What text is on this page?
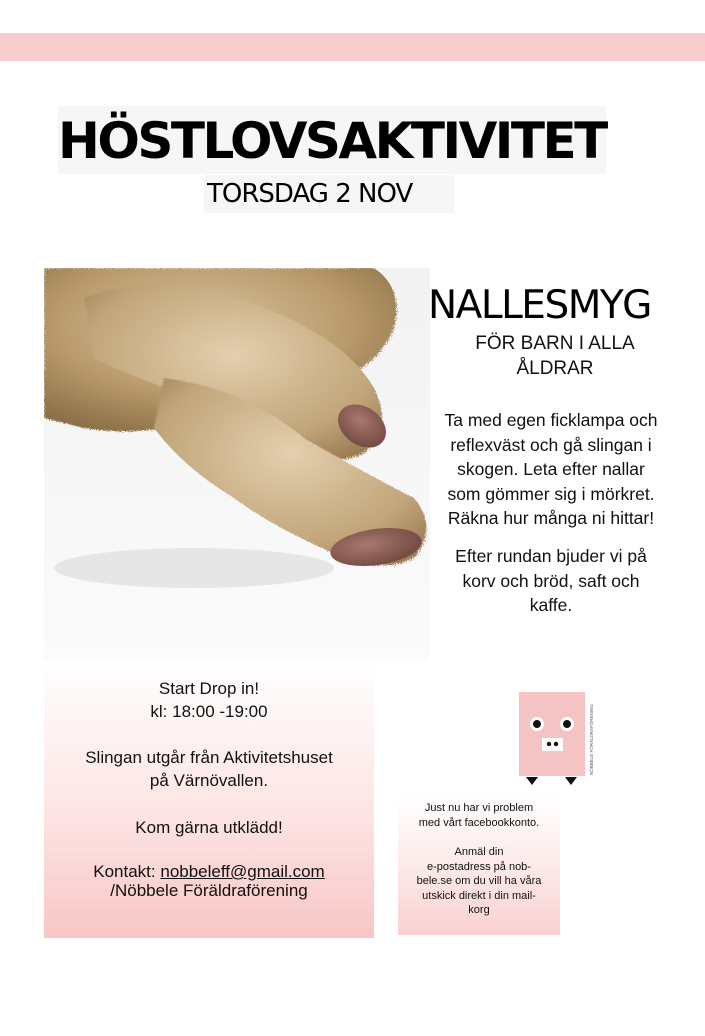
HÖSTLOVSAKTIVITET
TORSDAG 2 NOV
NALLESMYG
FÖR BARN I ALLA
ÅLDRAR
Ta med egen ficklampa och
reflexväst och gå slingan i
skogen. Leta efter nallar
som gömmer sig i mörkret.
Räkna hur många ni hittar!
Efter rundan bjuder vi på
korv och bröd, saft och
kaffe.
Start Drop in!
kl: 18:00 -19:00
Slingan utgår från Aktivitetshuset
på Värnövallen.
Kom gärna utklädd!
Kontakt: nobbeleff@gmail.com
/Nöbbele Föräldraförening
Just nu har vi problem
med vårt facebookkonto.
Anmäl din
e-postadress på nob-
bele.se om du vill ha våra
utskick direkt i din mail-
korg
NÖBBELE FÖRÄLDRAFÖRENING
